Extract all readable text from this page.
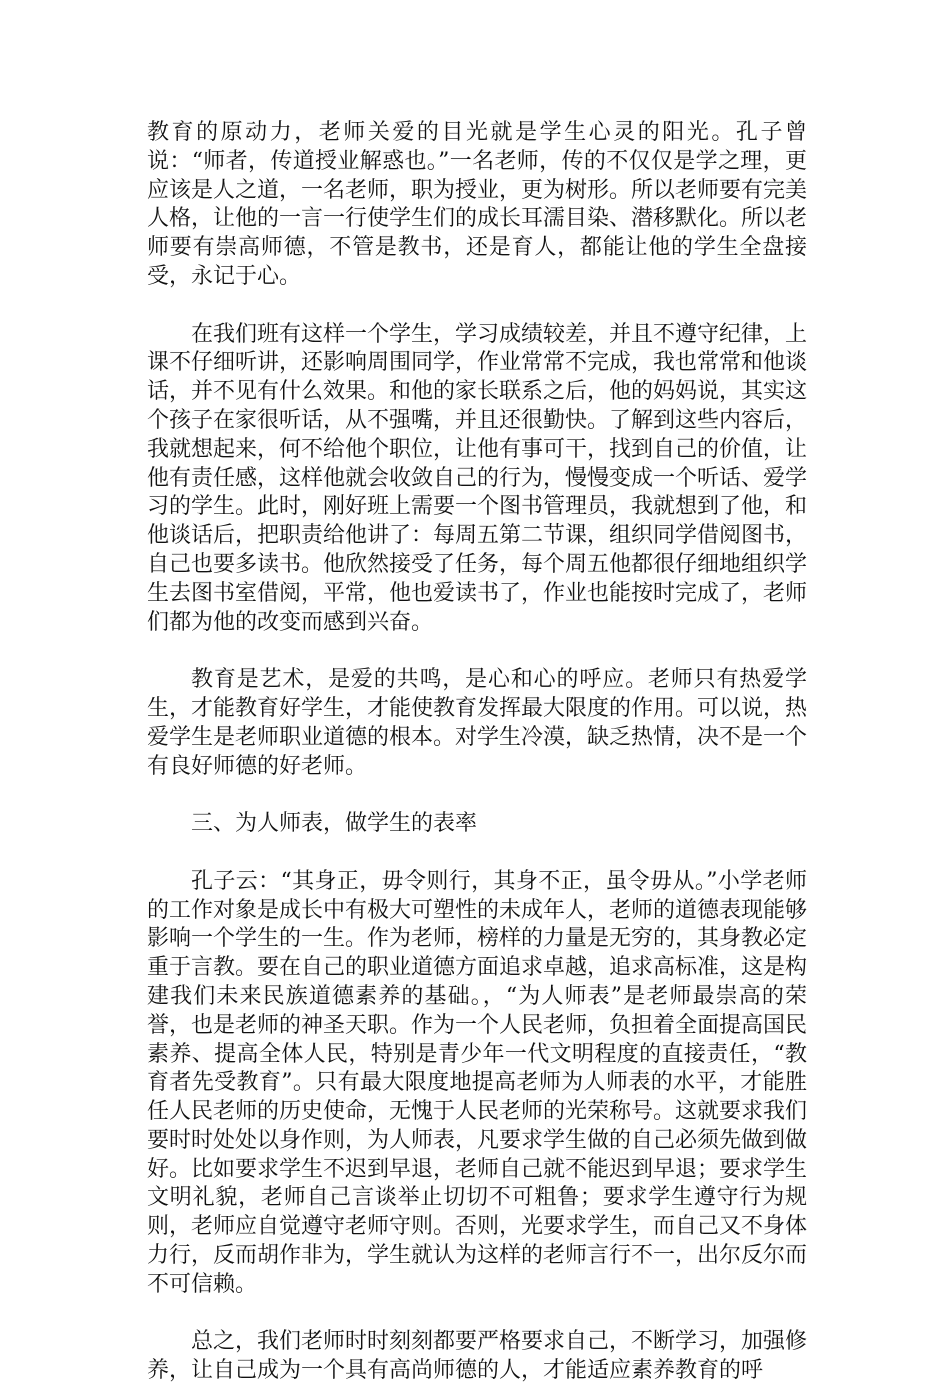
教育的原动力，老师关爱的目光就是学生心灵的阳光。孔子曾说：“师者，传道授业解惑也。”一名老师，传的不仅仅是学之理，更应该是人之道，一名老师，职为授业，更为树形。所以老师要有完美人格，让他的一言一行使学生们的成长耳濡目染、潜移默化。所以老师要有崇高师德，不管是教书，还是育人，都能让他的学生全盘接受，永记于心。

在我们班有这样一个学生，学习成绩较差，并且不遵守纪律，上课不仔细听讲，还影响周围同学，作业常常不完成，我也常常和他谈话，并不见有什么效果。和他的家长联系之后，他的妈妈说，其实这个孩子在家很听话，从不强嘴，并且还很勤快。了解到这些内容后，我就想起来，何不给他个职位，让他有事可干，找到自己的价值，让他有责任感，这样他就会收敛自己的行为，慢慢变成一个听话、爱学习的学生。此时，刚好班上需要一个图书管理员，我就想到了他，和他谈话后，把职责给他讲了：每周五第二节课，组织同学借阅图书，自己也要多读书。他欣然接受了任务，每个周五他都很仔细地组织学生去图书室借阅，平常，他也爱读书了，作业也能按时完成了，老师们都为他的改变而感到兴奋。

教育是艺术，是爱的共鸣，是心和心的呼应。老师只有热爱学生，才能教育好学生，才能使教育发挥最大限度的作用。可以说，热爱学生是老师职业道德的根本。对学生冷漠，缺乏热情，决不是一个有良好师德的好老师。

三、为人师表，做学生的表率

孔子云：“其身正，毋令则行，其身不正，虽令毋从。”小学老师的工作对象是成长中有极大可塑性的未成年人，老师的道德表现能够影响一个学生的一生。作为老师，榜样的力量是无穷的，其身教必定重于言教。要在自己的职业道德方面追求卓越，追求高标准，这是构建我们未来民族道德素养的基础。，“为人师表”是老师最崇高的荣誉，也是老师的神圣天职。作为一个人民老师，负担着全面提高国民素养、提高全体人民，特别是青少年一代文明程度的直接责任，“教育者先受教育”。只有最大限度地提高老师为人师表的水平，才能胜任人民老师的历史使命，无愧于人民老师的光荣称号。这就要求我们要时时处处以身作则，为人师表，凡要求学生做的自己必须先做到做好。比如要求学生不迟到早退，老师自己就不能迟到早退；要求学生文明礼貌，老师自己言谈举止切切不可粗鲁；要求学生遵守行为规则，老师应自觉遵守老师守则。否则，光要求学生，而自己又不身体力行，反而胡作非为，学生就认为这样的老师言行不一，出尔反尔而不可信赖。

总之，我们老师时时刻刻都要严格要求自己，不断学习，加强修养，让自己成为一个具有高尚师德的人，才能适应素养教育的呼
